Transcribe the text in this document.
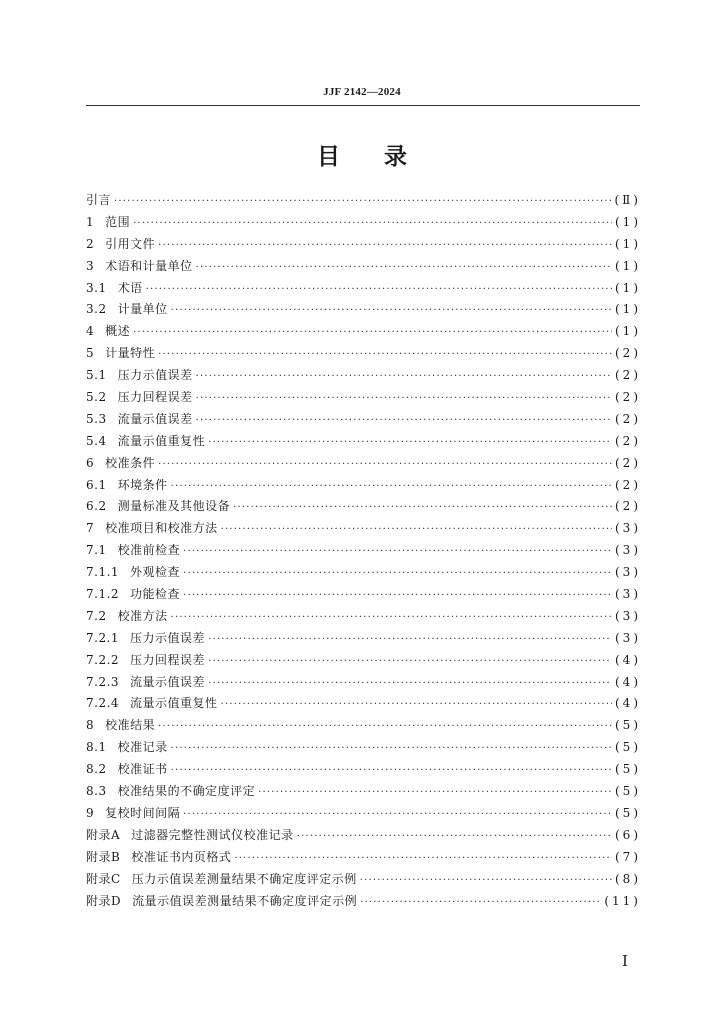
JJF 2142—2024
目 录
引言 ·····	(Ⅱ)
1 范围 ·····	(1)
2 引用文件 ·····	(1)
3 术语和计量单位 ·····	(1)
3.1 术语 ·····	(1)
3.2 计量单位 ·····	(1)
4 概述 ·····	(1)
5 计量特性 ·····	(2)
5.1 压力示值误差 ·····	(2)
5.2 压力回程误差 ·····	(2)
5.3 流量示值误差 ·····	(2)
5.4 流量示值重复性 ·····	(2)
6 校准条件 ·····	(2)
6.1 环境条件 ·····	(2)
6.2 测量标准及其他设备 ·····	(2)
7 校准项目和校准方法 ·····	(3)
7.1 校准前检查 ·····	(3)
7.1.1 外观检查 ·····	(3)
7.1.2 功能检查 ·····	(3)
7.2 校准方法 ·····	(3)
7.2.1 压力示值误差 ·····	(3)
7.2.2 压力回程误差 ·····	(4)
7.2.3 流量示值误差 ·····	(4)
7.2.4 流量示值重复性 ·····	(4)
8 校准结果 ·····	(5)
8.1 校准记录 ·····	(5)
8.2 校准证书 ·····	(5)
8.3 校准结果的不确定度评定 ·····	(5)
9 复校时间间隔 ·····	(5)
附录A 过滤器完整性测试仪校准记录 ·····	(6)
附录B 校准证书内页格式 ·····	(7)
附录C 压力示值误差测量结果不确定度评定示例 ·····	(8)
附录D 流量示值误差测量结果不确定度评定示例 ·····	(11)
Ⅰ
